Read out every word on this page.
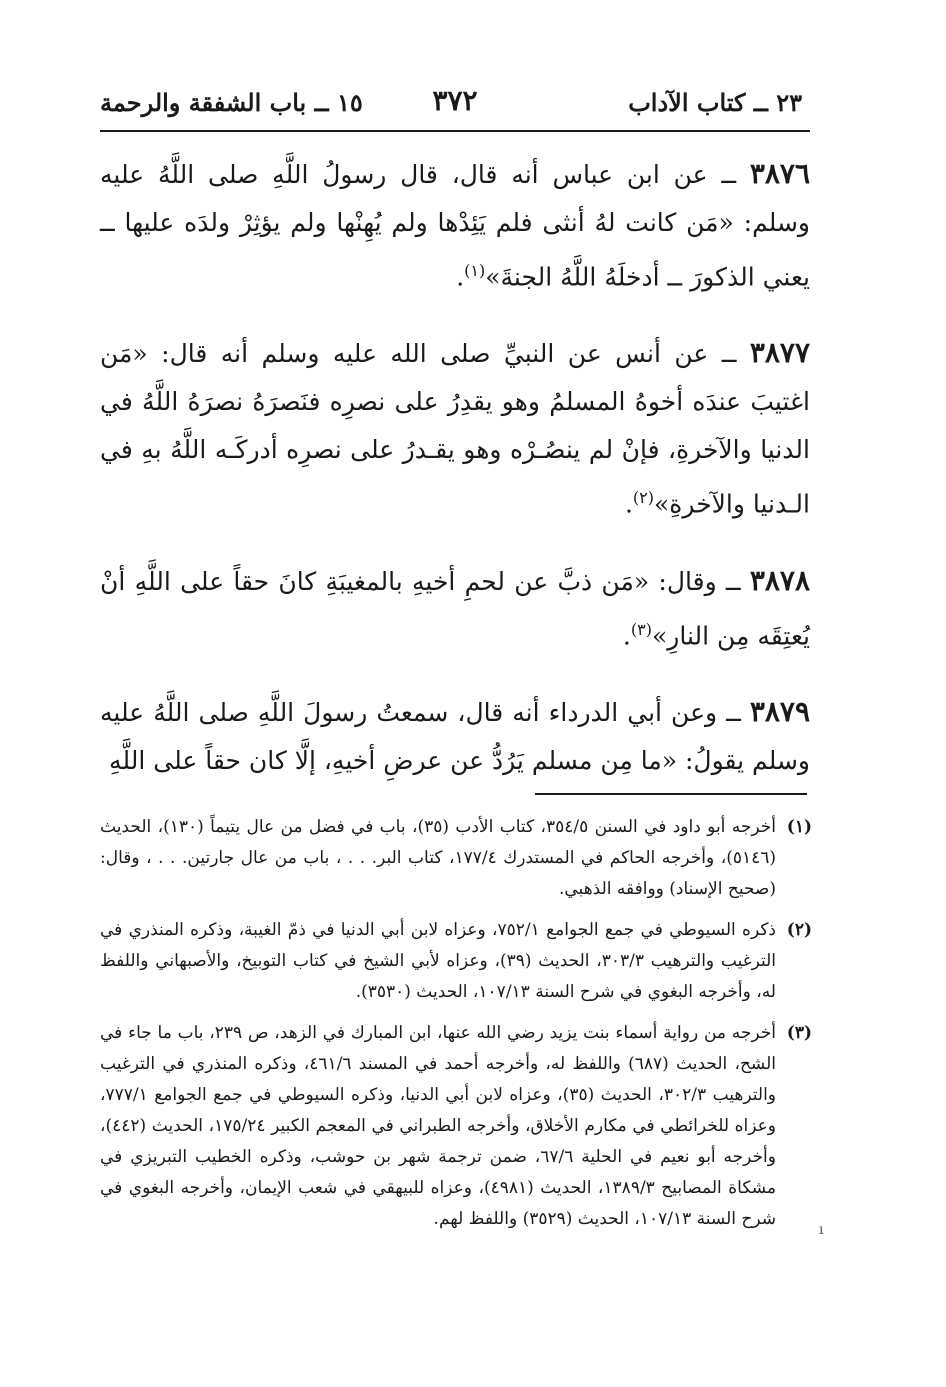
٢٣ ــ كتاب الآداب
٣٧٢
١٥ ــ باب الشفقة والرحمة

٣٨٧٦ ــ عن ابن عباس أنه قال، قال رسولُ اللَّهِ صلى اللَّهُ عليه وسلم: «مَن كانت لهُ أنثى فلم يَئِدْها ولم يُهِنْها ولم يؤثِرْ ولدَه عليها ــ يعني الذكورَ ــ أدخلَهُ اللَّهُ الجنةَ»$^{(١)}$.

٣٨٧٧ ــ عن أنس عن النبيِّ صلى الله عليه وسلم أنه قال: «مَن اغتيبَ عندَه أخوهُ المسلمُ وهو يقدِرُ على نصرِه فنَصرَهُ نصرَهُ اللَّهُ في الدنيا والآخرةِ، فإنْ لم ينصُـرْه وهو يقـدرُ على نصرِه أدركَـه اللَّهُ بهِ في الـدنيا والآخرةِ»$^{(٢)}$.

٣٨٧٨ ــ وقال: «مَن ذبَّ عن لحمِ أخيهِ بالمغيبَةِ كانَ حقاً على اللَّهِ أنْ يُعتِقَه مِن النارِ»$^{(٣)}$.

٣٨٧٩ ــ وعن أبي الدرداء أنه قال، سمعتُ رسولَ اللَّهِ صلى اللَّهُ عليه وسلم يقولُ: «ما مِن مسلم يَرُدُّ عن عرضِ أخيهِ، إلَّا كان حقاً على اللَّهِ

(١)
أخرجه أبو داود في السنن ٣٥٤/٥، كتاب الأدب (٣٥)، باب في فضل من عال يتيماً (١٣٠)، الحديث (٥١٤٦)، وأخرجه الحاكم في المستدرك ١٧٧/٤، كتاب البر. . . ، باب من عال جارتين. . . ، وقال: (صحيح الإسناد) ووافقه الذهبي.
(٢)
ذكره السيوطي في جمع الجوامع ٧٥٢/١، وعزاه لابن أبي الدنيا في ذمّ الغيبة، وذكره المنذري في الترغيب والترهيب ٣٠٣/٣، الحديث (٣٩)، وعزاه لأبي الشيخ في كتاب التوبيخ، والأصبهاني واللفظ له، وأخرجه البغوي في شرح السنة ١٠٧/١٣، الحديث (٣٥٣٠).
(٣)
أخرجه من رواية أسماء بنت يزيد رضي الله عنها، ابن المبارك في الزهد، ص ٢٣٩، باب ما جاء في الشح، الحديث (٦٨٧) واللفظ له، وأخرجه أحمد في المسند ٤٦١/٦، وذكره المنذري في الترغيب والترهيب ٣٠٢/٣، الحديث (٣٥)، وعزاه لابن أبي الدنيا، وذكره السيوطي في جمع الجوامع ٧٧٧/١، وعزاه للخرائطي في مكارم الأخلاق، وأخرجه الطبراني في المعجم الكبير ١٧٥/٢٤، الحديث (٤٤٢)، وأخرجه أبو نعيم في الحلية ٦٧/٦، ضمن ترجمة شهر بن حوشب، وذكره الخطيب التبريزي في مشكاة المصابيح ١٣٨٩/٣، الحديث (٤٩٨١)، وعزاه للبيهقي في شعب الإيمان، وأخرجه البغوي في شرح السنة ١٠٧/١٣، الحديث (٣٥٢٩) واللفظ لهم.
ı
